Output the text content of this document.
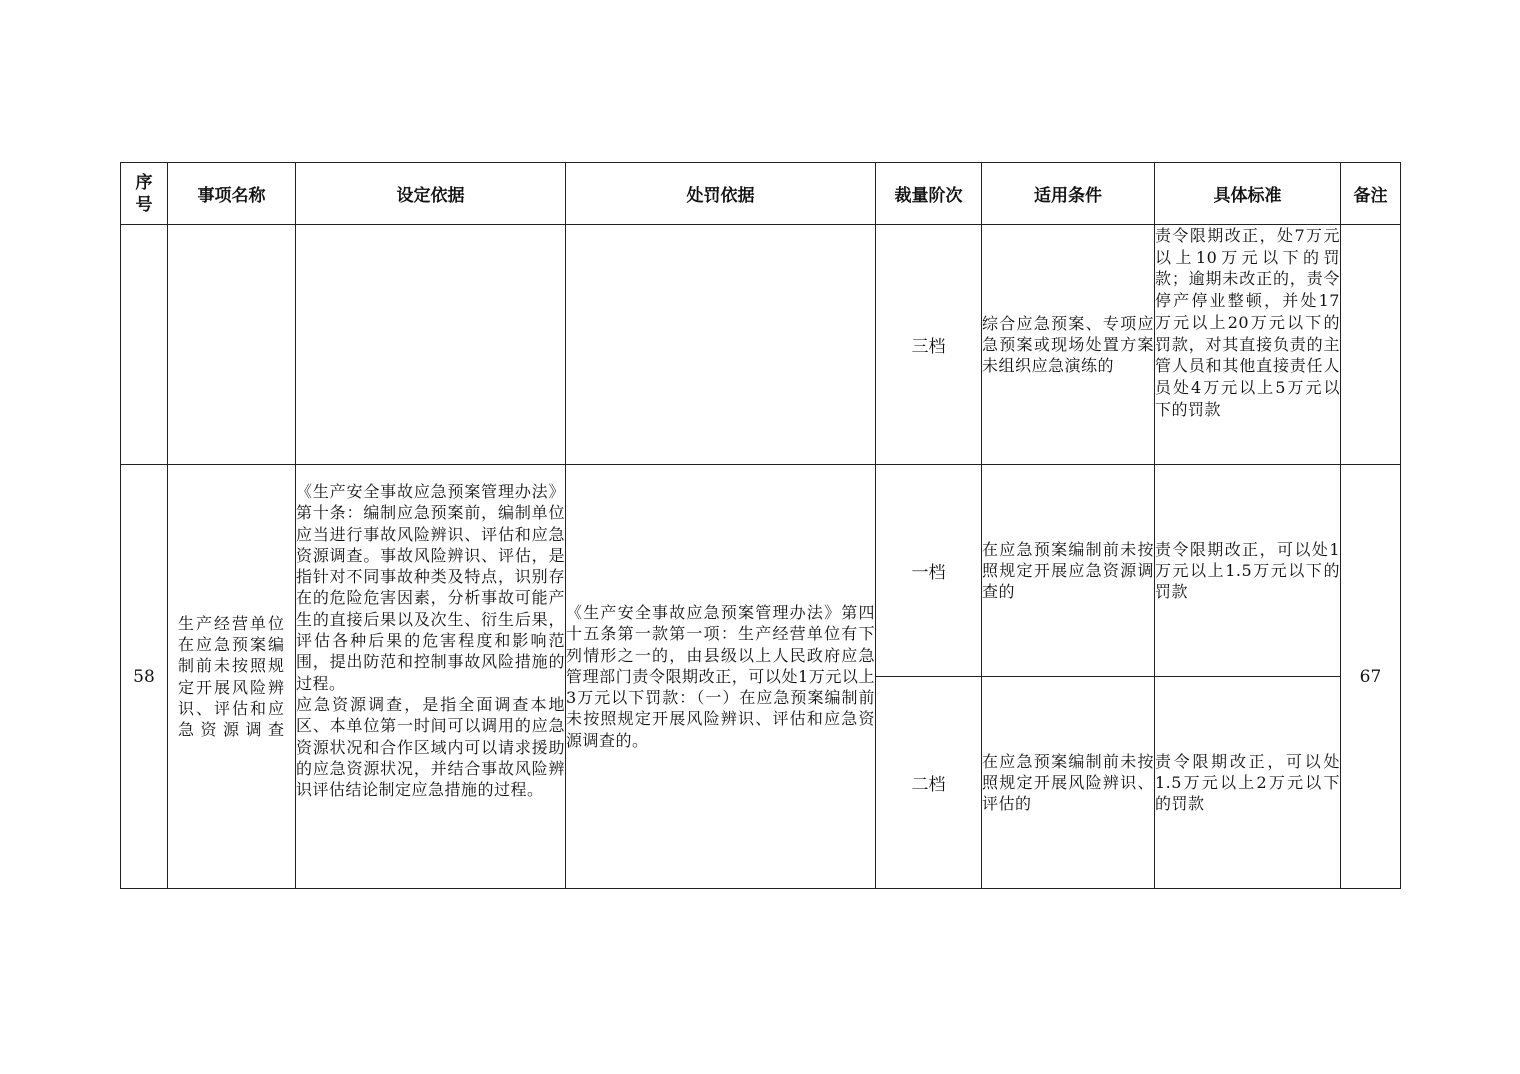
序号	事项名称	设定依据	处罚依据	裁量阶次	适用条件	具体标准	备注
				三档	综合应急预案、专项应急预案或现场处置方案未组织应急演练的	责令限期改正，处7万元以上10万元以下的罚款；逾期未改正的，责令停产停业整顿，并处17万元以上20万元以下的罚款，对其直接负责的主管人员和其他直接责任人员处4万元以上5万元以下的罚款	
58	生产经营单位在应急预案编制前未按照规定开展风险辨识、评估和应急资源调查	《生产安全事故应急预案管理办法》第十条：编制应急预案前，编制单位应当进行事故风险辨识、评估和应急资源调查。事故风险辨识、评估，是指针对不同事故种类及特点，识别存在的危险危害因素，分析事故可能产生的直接后果以及次生、衍生后果，评估各种后果的危害程度和影响范围，提出防范和控制事故风险措施的过程。

应急资源调查，是指全面调查本地区、本单位第一时间可以调用的应急资源状况和合作区域内可以请求援助的应急资源状况，并结合事故风险辨识评估结论制定应急措施的过程。	《生产安全事故应急预案管理办法》第四十五条第一款第一项：生产经营单位有下列情形之一的，由县级以上人民政府应急管理部门责令限期改正，可以处1万元以上3万元以下罚款：（一）在应急预案编制前未按照规定开展风险辨识、评估和应急资源调查的。	一档	在应急预案编制前未按照规定开展应急资源调查的	责令限期改正，可以处1万元以上1.5万元以下的罚款	67
				二档	在应急预案编制前未按照规定开展风险辨识、评估的	责令限期改正，可以处1.5万元以上2万元以下的罚款	
